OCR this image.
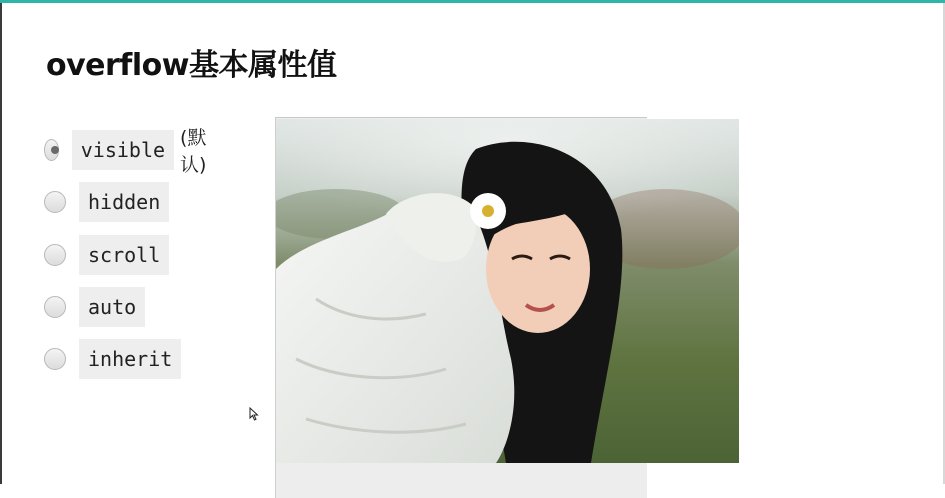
overflow基本属性值
visible (默认)
hidden
scroll
auto
inherit
